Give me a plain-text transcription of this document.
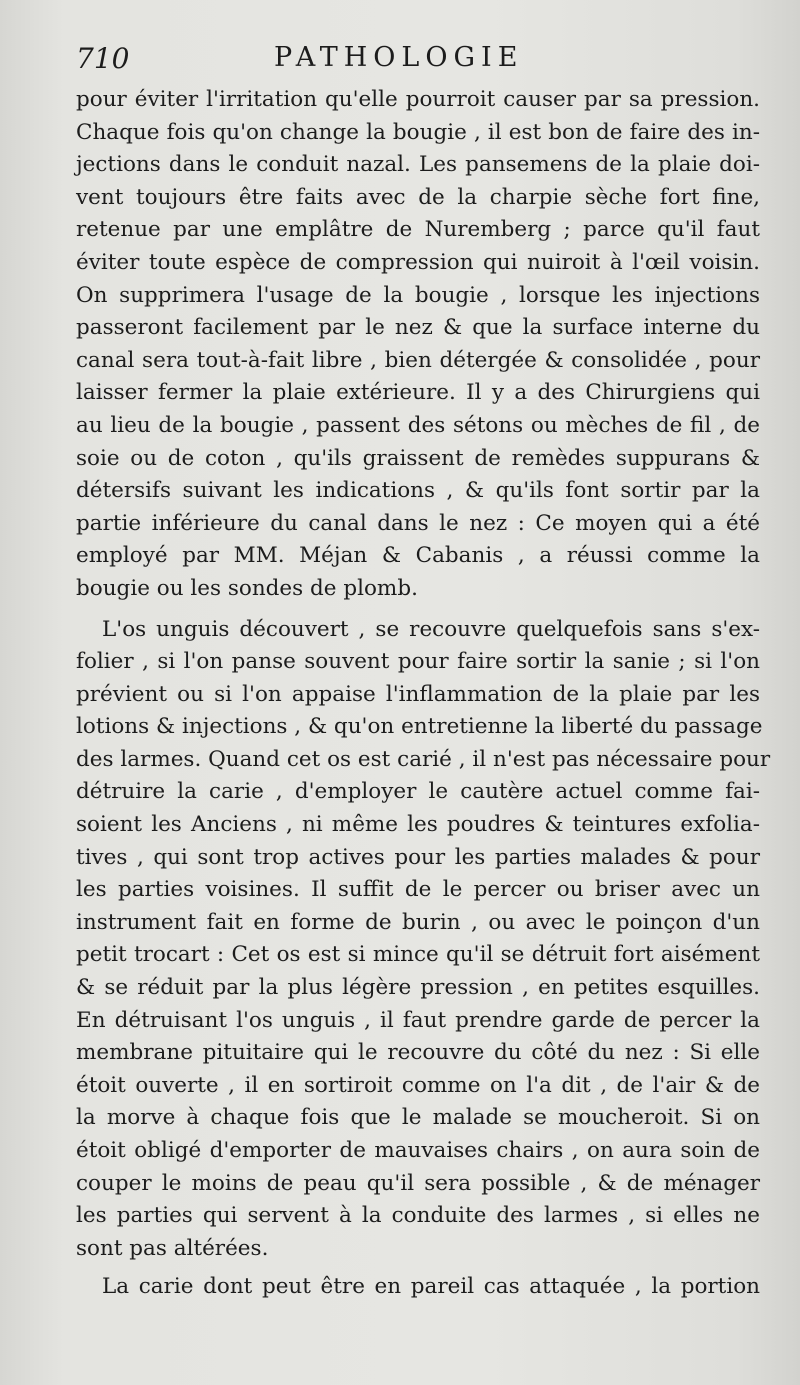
710	PATHOLOGIE
pour éviter l'irritation qu'elle pourroit causer par sa pression.
Chaque fois qu'on change la bougie , il est bon de faire des in-
jections dans le conduit nazal. Les pansemens de la plaie doi-
vent toujours être faits avec de la charpie sèche fort fine,
retenue par une emplâtre de Nuremberg ; parce qu'il faut
éviter toute espèce de compression qui nuiroit à l'œil voisin.
On supprimera l'usage de la bougie , lorsque les injections
passeront facilement par le nez & que la surface interne du
canal sera tout-à-fait libre , bien détergée & consolidée , pour
laisser fermer la plaie extérieure. Il y a des Chirurgiens qui
au lieu de la bougie , passent des sétons ou mèches de fil , de
soie ou de coton , qu'ils graissent de remèdes suppurans &
détersifs suivant les indications , & qu'ils font sortir par la
partie inférieure du canal dans le nez : Ce moyen qui a été
employé par MM. Méjan & Cabanis , a réussi comme la
bougie ou les sondes de plomb.
L'os unguis découvert , se recouvre quelquefois sans s'ex-
folier , si l'on panse souvent pour faire sortir la sanie ; si l'on
prévient ou si l'on appaise l'inflammation de la plaie par les
lotions & injections , & qu'on entretienne la liberté du passage
des larmes. Quand cet os est carié , il n'est pas nécessaire pour
détruire la carie , d'employer le cautère actuel comme fai-
soient les Anciens , ni même les poudres & teintures exfolia-
tives , qui sont trop actives pour les parties malades & pour
les parties voisines. Il suffit de le percer ou briser avec un
instrument fait en forme de burin , ou avec le poinçon d'un
petit trocart : Cet os est si mince qu'il se détruit fort aisément
& se réduit par la plus légère pression , en petites esquilles.
En détruisant l'os unguis , il faut prendre garde de percer la
membrane pituitaire qui le recouvre du côté du nez : Si elle
étoit ouverte , il en sortiroit comme on l'a dit , de l'air & de
la morve à chaque fois que le malade se moucheroit. Si on
étoit obligé d'emporter de mauvaises chairs , on aura soin de
couper le moins de peau qu'il sera possible , & de ménager
les parties qui servent à la conduite des larmes , si elles ne
sont pas altérées.
La carie dont peut être en pareil cas attaquée , la portion
